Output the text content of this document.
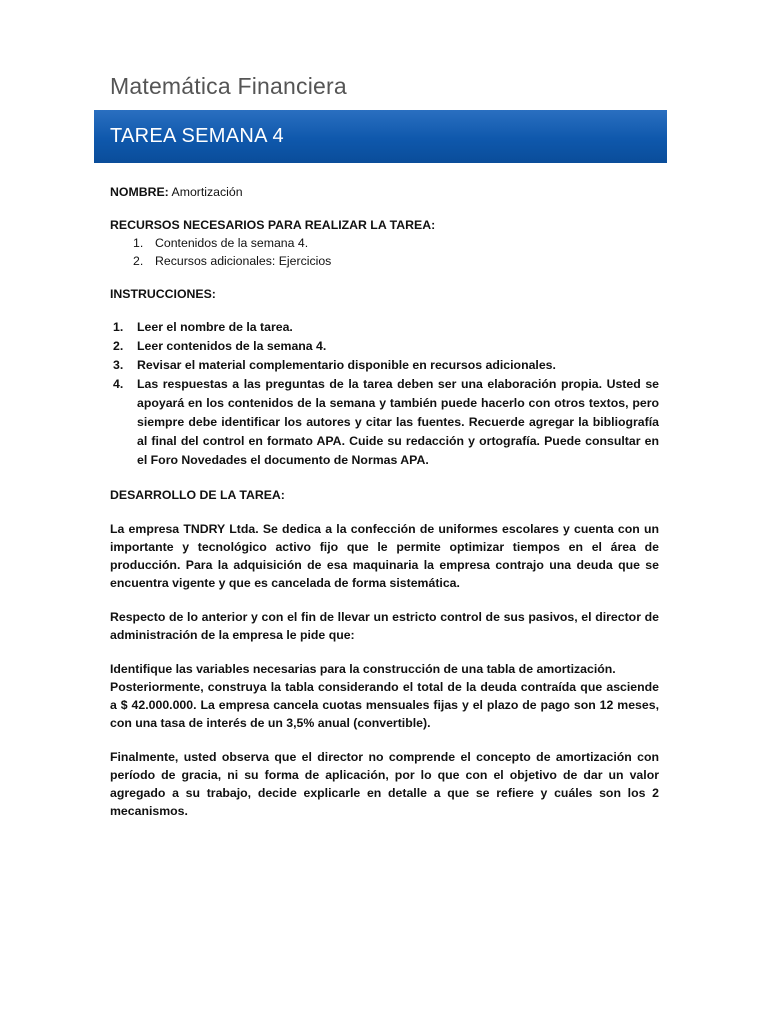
Matemática Financiera
TAREA SEMANA 4

NOMBRE: Amortización

RECURSOS NECESARIOS PARA REALIZAR LA TAREA:

1. Contenidos de la semana 4.
2. Recursos adicionales: Ejercicios

INSTRUCCIONES:

1. Leer el nombre de la tarea.
2. Leer contenidos de la semana 4.
3. Revisar el material complementario disponible en recursos adicionales.
4. Las respuestas a las preguntas de la tarea deben ser una elaboración propia. Usted se apoyará en los contenidos de la semana y también puede hacerlo con otros textos, pero siempre debe identificar los autores y citar las fuentes. Recuerde agregar la bibliografía al final del control en formato APA. Cuide su redacción y ortografía. Puede consultar en el Foro Novedades el documento de Normas APA.

DESARROLLO DE LA TAREA:

La empresa TNDRY Ltda. Se dedica a la confección de uniformes escolares y cuenta con un importante y tecnológico activo fijo que le permite optimizar tiempos en el área de producción. Para la adquisición de esa maquinaria la empresa contrajo una deuda que se encuentra vigente y que es cancelada de forma sistemática.

Respecto de lo anterior y con el fin de llevar un estricto control de sus pasivos, el director de administración de la empresa le pide que:

Identifique las variables necesarias para la construcción de una tabla de amortización.

Posteriormente, construya la tabla considerando el total de la deuda contraída que asciende a $ 42.000.000. La empresa cancela cuotas mensuales fijas y el plazo de pago son 12 meses, con una tasa de interés de un 3,5% anual (convertible).

Finalmente, usted observa que el director no comprende el concepto de amortización con período de gracia, ni su forma de aplicación, por lo que con el objetivo de dar un valor agregado a su trabajo, decide explicarle en detalle a que se refiere y cuáles son los 2 mecanismos.
